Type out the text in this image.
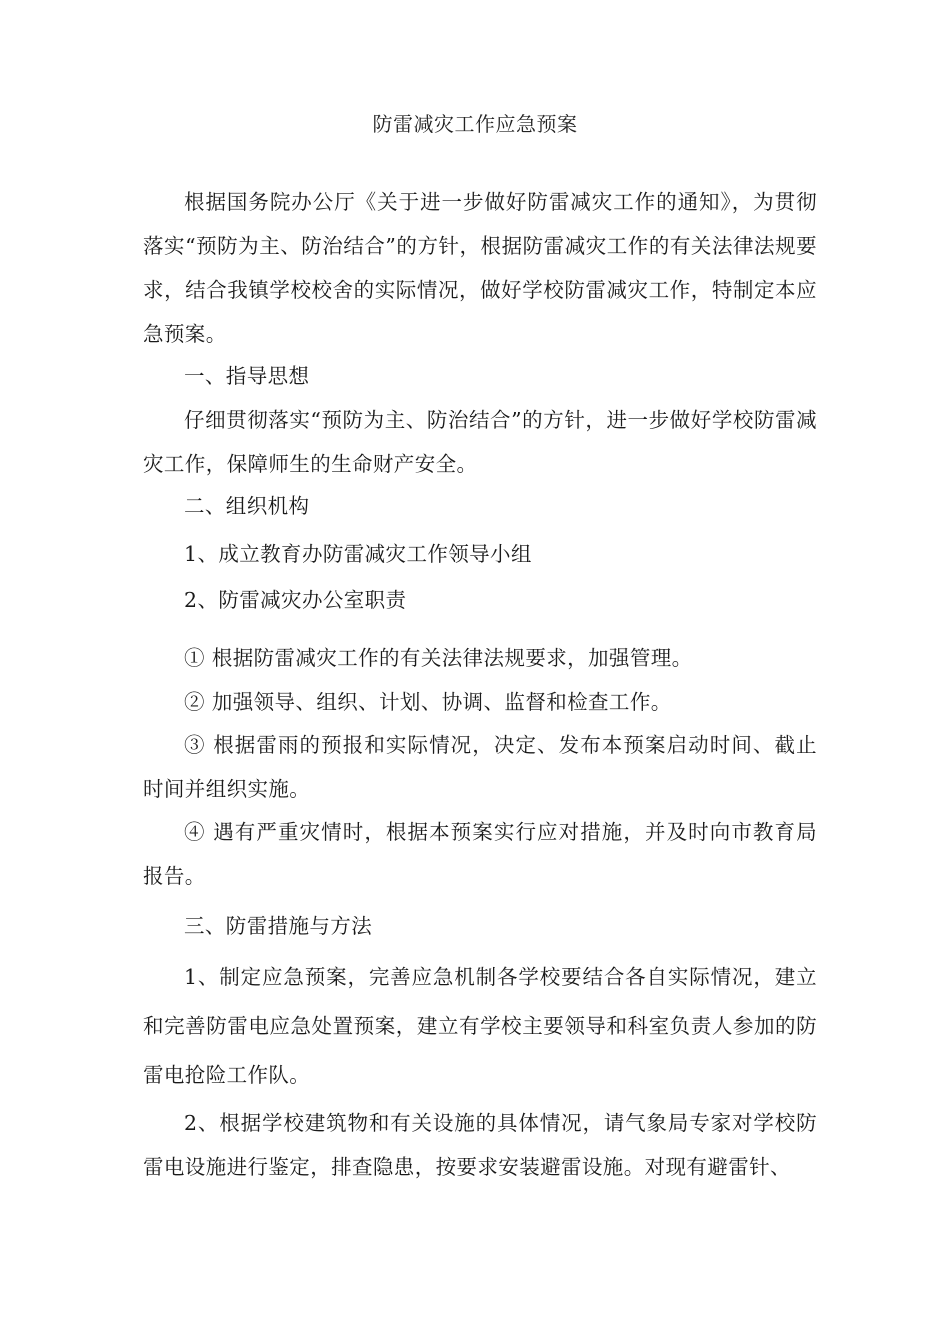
防雷减灾工作应急预案

根据国务院办公厅《关于进一步做好防雷减灾工作的通知》，为贯彻落实“预防为主、防治结合”的方针，根据防雷减灾工作的有关法律法规要求，结合我镇学校校舍的实际情况，做好学校防雷减灾工作，特制定本应急预案。

一、指导思想

仔细贯彻落实“预防为主、防治结合”的方针，进一步做好学校防雷减灾工作，保障师生的生命财产安全。

二、组织机构

1、成立教育办防雷减灾工作领导小组

2、防雷减灾办公室职责

① 根据防雷减灾工作的有关法律法规要求，加强管理。

② 加强领导、组织、计划、协调、监督和检查工作。

③ 根据雷雨的预报和实际情况，决定、发布本预案启动时间、截止时间并组织实施。

④ 遇有严重灾情时，根据本预案实行应对措施，并及时向市教育局报告。

三、防雷措施与方法

1、制定应急预案，完善应急机制各学校要结合各自实际情况，建立和完善防雷电应急处置预案，建立有学校主要领导和科室负责人参加的防雷电抢险工作队。

2、根据学校建筑物和有关设施的具体情况，请气象局专家对学校防雷电设施进行鉴定，排查隐患，按要求安装避雷设施。对现有避雷针、
